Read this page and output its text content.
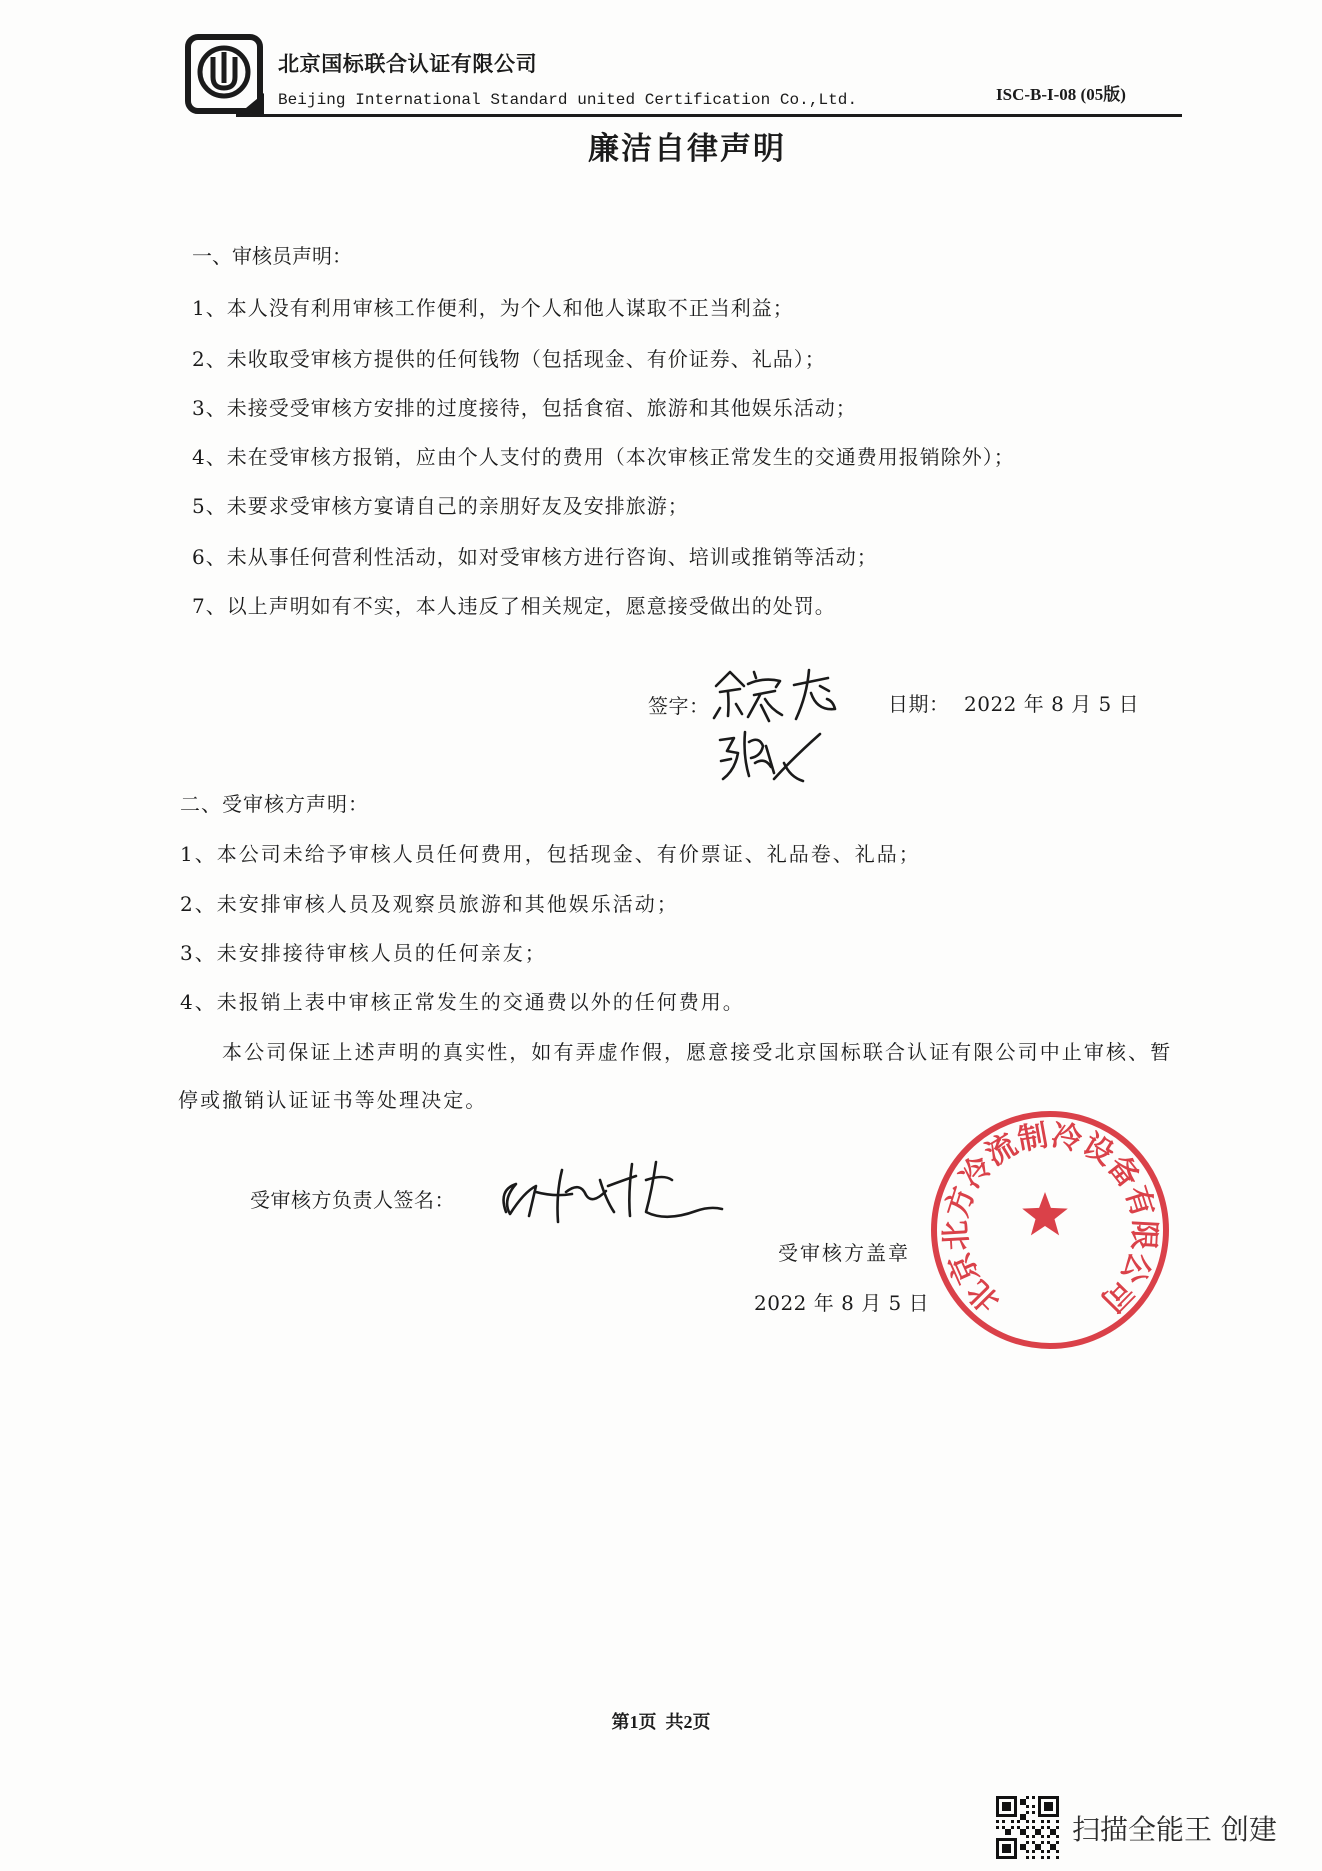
北京国标联合认证有限公司
Beijing International Standard united Certification Co.,Ltd.	ISC-B-I-08 (05版)
廉洁自律声明
一、审核员声明：
1、本人没有利用审核工作便利，为个人和他人谋取不正当利益；
2、未收取受审核方提供的任何钱物（包括现金、有价证券、礼品）；
3、未接受受审核方安排的过度接待，包括食宿、旅游和其他娱乐活动；
4、未在受审核方报销，应由个人支付的费用（本次审核正常发生的交通费用报销除外）；
5、未要求受审核方宴请自己的亲朋好友及安排旅游；
6、未从事任何营利性活动，如对受审核方进行咨询、培训或推销等活动；
7、以上声明如有不实，本人违反了相关规定，愿意接受做出的处罚。
签字：	日期： 2022 年 8 月 5 日
二、受审核方声明：
1、本公司未给予审核人员任何费用，包括现金、有价票证、礼品卷、礼品；
2、未安排审核人员及观察员旅游和其他娱乐活动；
3、未安排接待审核人员的任何亲友；
4、未报销上表中审核正常发生的交通费以外的任何费用。
本公司保证上述声明的真实性，如有弄虚作假，愿意接受北京国标联合认证有限公司中止审核、暂
停或撤销认证证书等处理决定。
受审核方负责人签名：
受审核方盖章
2022 年 8 月 5 日	北京北方冷流制冷设备有限公司
第1页  共2页
扫描全能王 创建
